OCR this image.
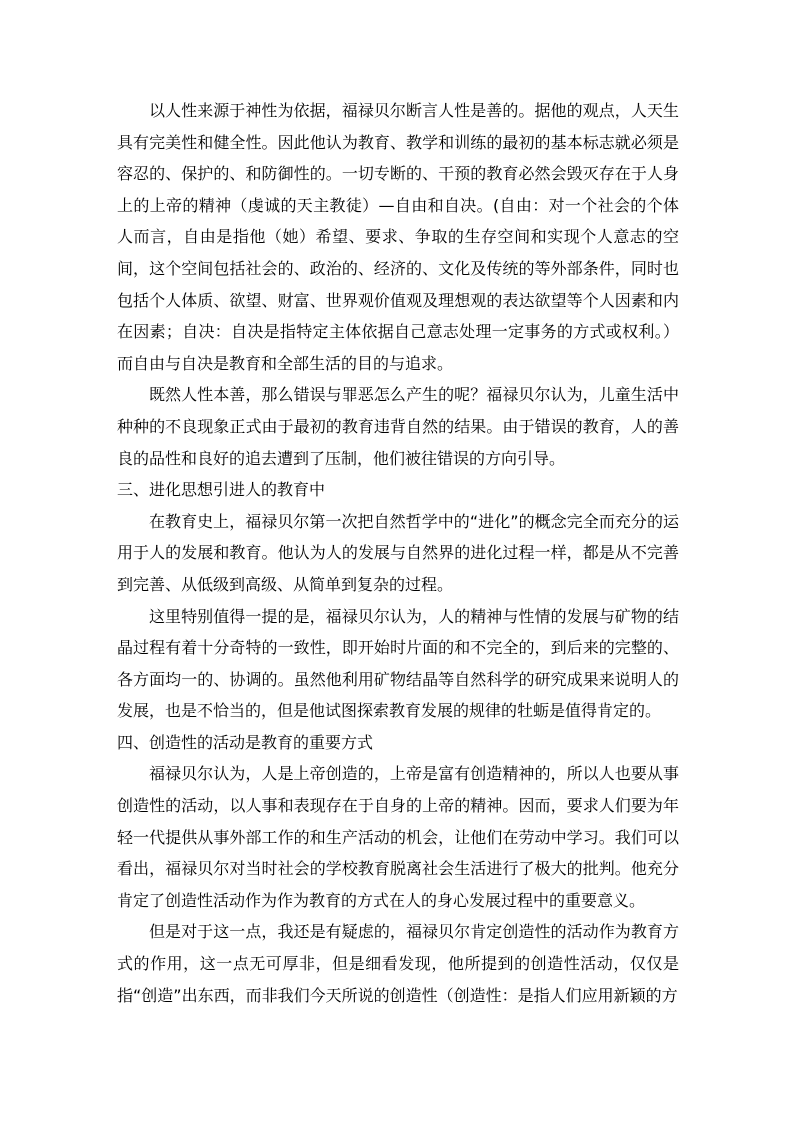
以人性来源于神性为依据，福禄贝尔断言人性是善的。据他的观点，人天生具有完美性和健全性。因此他认为教育、教学和训练的最初的基本标志就必须是容忍的、保护的、和防御性的。一切专断的、干预的教育必然会毁灭存在于人身上的上帝的精神（虔诚的天主教徒）—自由和自决。(自由：对一个社会的个体人而言，自由是指他（她）希望、要求、争取的生存空间和实现个人意志的空间，这个空间包括社会的、政治的、经济的、文化及传统的等外部条件，同时也包括个人体质、欲望、财富、世界观价值观及理想观的表达欲望等个人因素和内在因素；自决：自决是指特定主体依据自己意志处理一定事务的方式或权利。）而自由与自决是教育和全部生活的目的与追求。

既然人性本善，那么错误与罪恶怎么产生的呢？福禄贝尔认为，儿童生活中种种的不良现象正式由于最初的教育违背自然的结果。由于错误的教育，人的善良的品性和良好的追去遭到了压制，他们被往错误的方向引导。

三、进化思想引进人的教育中

在教育史上，福禄贝尔第一次把自然哲学中的“进化”的概念完全而充分的运用于人的发展和教育。他认为人的发展与自然界的进化过程一样，都是从不完善到完善、从低级到高级、从简单到复杂的过程。

这里特别值得一提的是，福禄贝尔认为，人的精神与性情的发展与矿物的结晶过程有着十分奇特的一致性，即开始时片面的和不完全的，到后来的完整的、各方面均一的、协调的。虽然他利用矿物结晶等自然科学的研究成果来说明人的发展，也是不恰当的，但是他试图探索教育发展的规律的牡蛎是值得肯定的。

四、创造性的活动是教育的重要方式

福禄贝尔认为，人是上帝创造的，上帝是富有创造精神的，所以人也要从事创造性的活动，以人事和表现存在于自身的上帝的精神。因而，要求人们要为年轻一代提供从事外部工作的和生产活动的机会，让他们在劳动中学习。我们可以看出，福禄贝尔对当时社会的学校教育脱离社会生活进行了极大的批判。他充分肯定了创造性活动作为作为教育的方式在人的身心发展过程中的重要意义。

但是对于这一点，我还是有疑虑的，福禄贝尔肯定创造性的活动作为教育方式的作用，这一点无可厚非，但是细看发现，他所提到的创造性活动，仅仅是指“创造”出东西，而非我们今天所说的创造性（创造性：是指人们应用新颖的方
